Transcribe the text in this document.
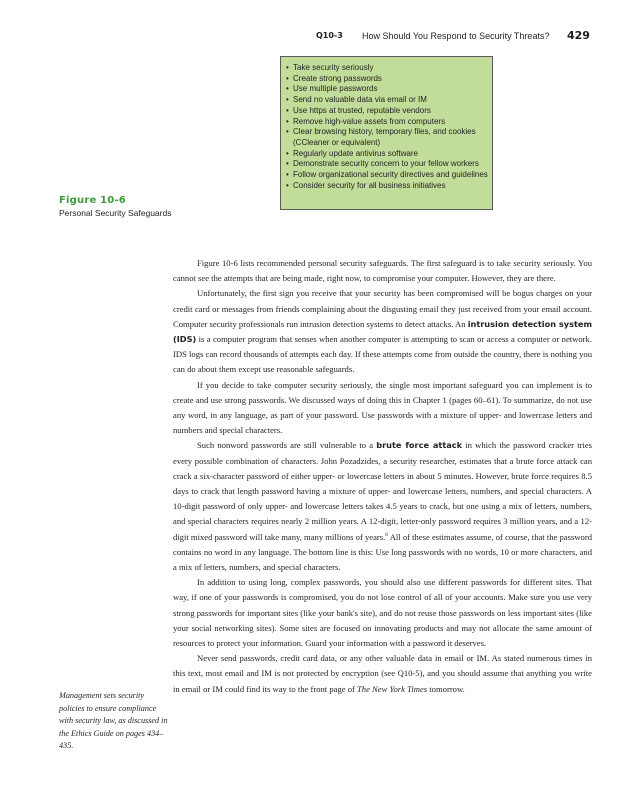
Q10-3 How Should You Respond to Security Threats? 429
• Take security seriously
• Create strong passwords
• Use multiple passwords
• Send no valuable data via email or IM
• Use https at trusted, reputable vendors
• Remove high-value assets from computers
• Clear browsing history, temporary files, and cookies
(CCleaner or equivalent)
• Regularly update antivirus software
• Demonstrate security concern to your fellow workers
• Follow organizational security directives and guidelines
• Consider security for all business initiatives
Figure 10-6
Personal Security Safeguards

Figure 10-6 lists recommended personal security safeguards. The first safeguard is to take security seriously. You cannot see the attempts that are being made, right now, to compromise your computer. However, they are there.

Unfortunately, the first sign you receive that your security has been compromised will be bogus charges on your credit card or messages from friends complaining about the disgusting email they just received from your email account. Computer security professionals run intrusion detection systems to detect attacks. An intrusion detection system (IDS) is a computer program that senses when another computer is attempting to scan or access a computer or network. IDS logs can record thousands of attempts each day. If these attempts come from outside the country, there is nothing you can do about them except use reasonable safeguards.

If you decide to take computer security seriously, the single most important safeguard you can implement is to create and use strong passwords. We discussed ways of doing this in Chapter 1 (pages 60–61). To summarize, do not use any word, in any language, as part of your password. Use passwords with a mixture of upper- and lowercase letters and numbers and special characters.

Such nonword passwords are still vulnerable to a brute force attack in which the password cracker tries every possible combination of characters. John Pozadzides, a security researcher, estimates that a brute force attack can crack a six-character password of either upper- or lowercase letters in about 5 minutes. However, brute force requires 8.5 days to crack that length password having a mixture of upper- and lowercase letters, numbers, and special characters. A 10-digit password of only upper- and lowercase letters takes 4.5 years to crack, but one using a mix of letters, numbers, and special characters requires nearly 2 million years. A 12-digit, letter-only password requires 3 million years, and a 12-digit mixed password will take many, many millions of years.$^6$ All of these estimates assume, of course, that the password contains no word in any language. The bottom line is this: Use long passwords with no words, 10 or more characters, and a mix of letters, numbers, and special characters.

In addition to using long, complex passwords, you should also use different passwords for different sites. That way, if one of your passwords is compromised, you do not lose control of all of your accounts. Make sure you use very strong passwords for important sites (like your bank's site), and do not reuse those passwords on less important sites (like your social networking sites). Some sites are focused on innovating products and may not allocate the same amount of resources to protect your information. Guard your information with a password it deserves.

Never send passwords, credit card data, or any other valuable data in email or IM. As stated numerous times in this text, most email and IM is not protected by encryption (see Q10-5), and you should assume that anything you write in email or IM could find its way to the front page of The New York Times tomorrow.

Management sets security policies to ensure compliance with security law, as discussed in the Ethics Guide on pages 434–435.
